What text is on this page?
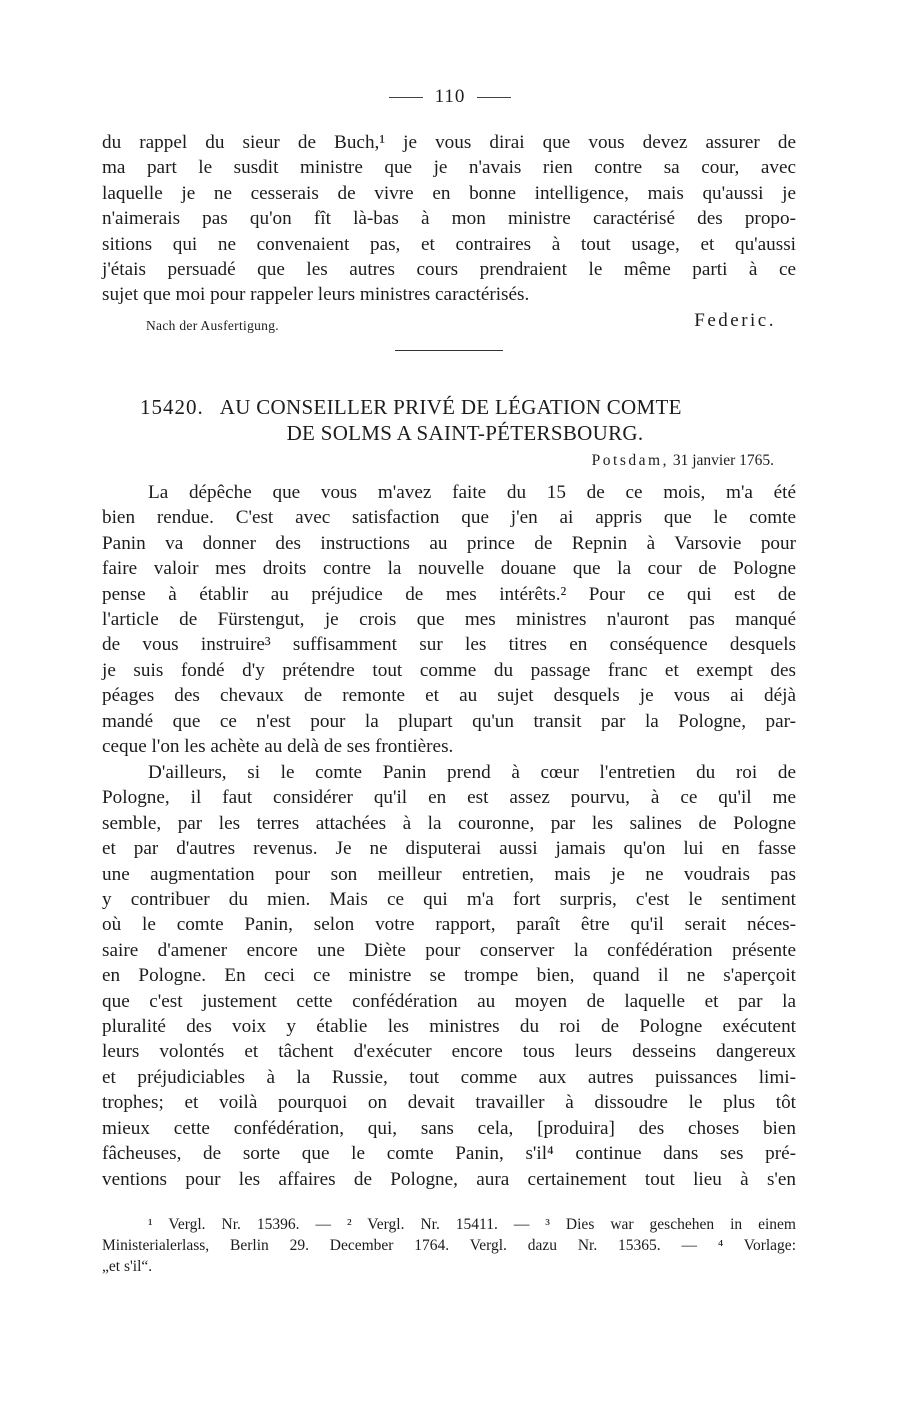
110
du rappel du sieur de Buch,¹ je vous dirai que vous devez assurer de
ma part le susdit ministre que je n'avais rien contre sa cour, avec
laquelle je ne cesserais de vivre en bonne intelligence, mais qu'aussi je
n'aimerais pas qu'on fît là-bas à mon ministre caractérisé des propo-
sitions qui ne convenaient pas, et contraires à tout usage, et qu'aussi
j'étais persuadé que les autres cours prendraient le même parti à ce
sujet que moi pour rappeler leurs ministres caractérisés.
Nach der Ausfertigung.	Federic.
15420. AU CONSEILLER PRIVÉ DE LÉGATION COMTE
DE SOLMS A SAINT-PÉTERSBOURG.
Potsdam, 31 janvier 1765.
La dépêche que vous m'avez faite du 15 de ce mois, m'a été
bien rendue. C'est avec satisfaction que j'en ai appris que le comte
Panin va donner des instructions au prince de Repnin à Varsovie pour
faire valoir mes droits contre la nouvelle douane que la cour de Pologne
pense à établir au préjudice de mes intérêts.² Pour ce qui est de
l'article de Fürstengut, je crois que mes ministres n'auront pas manqué
de vous instruire³ suffisamment sur les titres en conséquence desquels
je suis fondé d'y prétendre tout comme du passage franc et exempt des
péages des chevaux de remonte et au sujet desquels je vous ai déjà
mandé que ce n'est pour la plupart qu'un transit par la Pologne, par-
ceque l'on les achète au delà de ses frontières.
D'ailleurs, si le comte Panin prend à cœur l'entretien du roi de
Pologne, il faut considérer qu'il en est assez pourvu, à ce qu'il me
semble, par les terres attachées à la couronne, par les salines de Pologne
et par d'autres revenus. Je ne disputerai aussi jamais qu'on lui en fasse
une augmentation pour son meilleur entretien, mais je ne voudrais pas
y contribuer du mien. Mais ce qui m'a fort surpris, c'est le sentiment
où le comte Panin, selon votre rapport, paraît être qu'il serait néces-
saire d'amener encore une Diète pour conserver la confédération présente
en Pologne. En ceci ce ministre se trompe bien, quand il ne s'aperçoit
que c'est justement cette confédération au moyen de laquelle et par la
pluralité des voix y établie les ministres du roi de Pologne exécutent
leurs volontés et tâchent d'exécuter encore tous leurs desseins dangereux
et préjudiciables à la Russie, tout comme aux autres puissances limi-
trophes; et voilà pourquoi on devait travailler à dissoudre le plus tôt
mieux cette confédération, qui, sans cela, [produira] des choses bien
fâcheuses, de sorte que le comte Panin, s'il⁴ continue dans ses pré-
ventions pour les affaires de Pologne, aura certainement tout lieu à s'en
¹ Vergl. Nr. 15396. — ² Vergl. Nr. 15411. — ³ Dies war geschehen in einem
Ministerialerlass, Berlin 29. December 1764. Vergl. dazu Nr. 15365. — ⁴ Vorlage:
„et s'il“.
